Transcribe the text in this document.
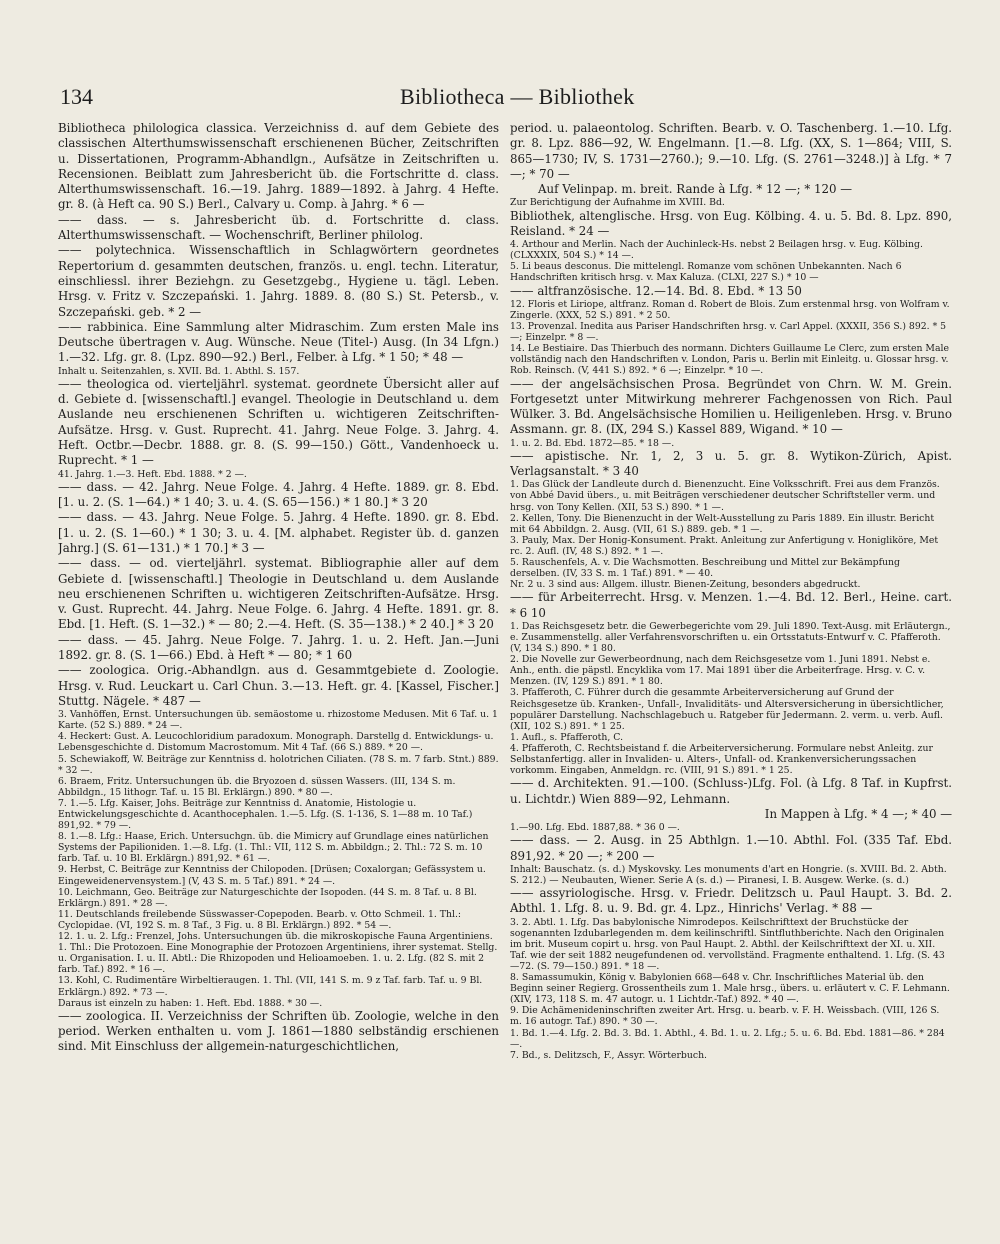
134	Bibliotheca — Bibliothek

Bibliotheca philologica classica. Verzeichniss d. auf dem Gebiete des classischen Alterthumswissenschaft erschienenen Bücher, Zeitschriften u. Dissertationen, Programm-Abhandlgn., Aufsätze in Zeitschriften u. Recensionen. Beiblatt zum Jahresbericht üb. die Fortschritte d. class. Alterthumswissenschaft. 16.—19. Jahrg. 1889—1892. à Jahrg. 4 Hefte. gr. 8. (à Heft ca. 90 S.) Berl., Calvary u. Comp. à Jahrg. * 6 —

—— dass. — s. Jahresbericht üb. d. Fortschritte d. class. Alterthumswissenschaft. — Wochenschrift, Berliner philolog.

—— polytechnica. Wissenschaftlich in Schlagwörtern geordnetes Repertorium d. gesammten deutschen, französ. u. engl. techn. Literatur, einschliessl. ihrer Beziehgn. zu Gesetzgebg., Hygiene u. tägl. Leben. Hrsg. v. Fritz v. Szczepański. 1. Jahrg. 1889. 8. (80 S.) St. Petersb., v. Szczepański. geb. * 2 —

—— rabbinica. Eine Sammlung alter Midraschim. Zum ersten Male ins Deutsche übertragen v. Aug. Wünsche. Neue (Titel-) Ausg. (In 34 Lfgn.) 1.—32. Lfg. gr. 8. (Lpz. 890—92.) Berl., Felber. à Lfg. * 1 50; * 48 —

Inhalt u. Seitenzahlen, s. XVII. Bd. 1. Abthl. S. 157.

—— theologica od. vierteljährl. systemat. geordnete Übersicht aller auf d. Gebiete d. [wissenschaftl.] evangel. Theologie in Deutschland u. dem Auslande neu erschienenen Schriften u. wichtigeren Zeitschriften-Aufsätze. Hrsg. v. Gust. Ruprecht. 41. Jahrg. Neue Folge. 3. Jahrg. 4. Heft. Octbr.—Decbr. 1888. gr. 8. (S. 99—150.) Gött., Vandenhoeck u. Ruprecht. * 1 —

41. Jahrg. 1.—3. Heft. Ebd. 1888. * 2 —.

—— dass. — 42. Jahrg. Neue Folge. 4. Jahrg. 4 Hefte. 1889. gr. 8. Ebd. [1. u. 2. (S. 1—64.) * 1 40; 3. u. 4. (S. 65—156.) * 1 80.] * 3 20

—— dass. — 43. Jahrg. Neue Folge. 5. Jahrg. 4 Hefte. 1890. gr. 8. Ebd. [1. u. 2. (S. 1—60.) * 1 30; 3. u. 4. [M. alphabet. Register üb. d. ganzen Jahrg.] (S. 61—131.) * 1 70.] * 3 —

—— dass. — od. vierteljährl. systemat. Bibliographie aller auf dem Gebiete d. [wissenschaftl.] Theologie in Deutschland u. dem Auslande neu erschienenen Schriften u. wichtigeren Zeitschriften-Aufsätze. Hrsg. v. Gust. Ruprecht. 44. Jahrg. Neue Folge. 6. Jahrg. 4 Hefte. 1891. gr. 8. Ebd. [1. Heft. (S. 1—32.) * — 80; 2.—4. Heft. (S. 35—138.) * 2 40.] * 3 20

—— dass. — 45. Jahrg. Neue Folge. 7. Jahrg. 1. u. 2. Heft. Jan.—Juni 1892. gr. 8. (S. 1—66.) Ebd. à Heft * — 80; * 1 60

—— zoologica. Orig.-Abhandlgn. aus d. Gesammtgebiete d. Zoologie. Hrsg. v. Rud. Leuckart u. Carl Chun. 3.—13. Heft. gr. 4. [Kassel, Fischer.] Stuttg. Nägele. * 487 —

3. Vanhöffen, Ernst. Untersuchungen üb. semäostome u. rhizostome Medusen. Mit 6 Taf. u. 1 Karte. (52 S.) 889. * 24 —.

4. Heckert: Gust. A. Leucochloridium paradoxum. Monograph. Darstellg d. Entwicklungs- u. Lebensgeschichte d. Distomum Macrostomum. Mit 4 Taf. (66 S.) 889. * 20 —.

5. Schewiakoff, W. Beiträge zur Kenntniss d. holotrichen Ciliaten. (78 S. m. 7 farb. Stnt.) 889. * 32 —.

6. Braem, Fritz. Untersuchungen üb. die Bryozoen d. süssen Wassers. (III, 134 S. m. Abbildgn., 15 lithogr. Taf. u. 15 Bl. Erklärgn.) 890. * 80 —.

7. 1.—5. Lfg. Kaiser, Johs. Beiträge zur Kenntniss d. Anatomie, Histologie u. Entwickelungsgeschichte d. Acanthocephalen. 1.—5. Lfg. (S. 1-136, S. 1—88 m. 10 Taf.) 891,92. * 79 —.

8. 1.—8. Lfg.: Haase, Erich. Untersuchgn. üb. die Mimicry auf Grundlage eines natürlichen Systems der Papilioniden. 1.—8. Lfg. (1. Thl.: VII, 112 S. m. Abbildgn.; 2. Thl.: 72 S. m. 10 farb. Taf. u. 10 Bl. Erklärgn.) 891,92. * 61 —.

9. Herbst, C. Beiträge zur Kenntniss der Chilopoden. [Drüsen; Coxalorgan; Gefässystem u. Eingeweidenervensystem.] (V, 43 S. m. 5 Taf.) 891. * 24 —.

10. Leichmann, Geo. Beiträge zur Naturgeschichte der Isopoden. (44 S. m. 8 Taf. u. 8 Bl. Erklärgn.) 891. * 28 —.

11. Deutschlands freilebende Süsswasser-Copepoden. Bearb. v. Otto Schmeil. 1. Thl.: Cyclopidae. (VI, 192 S. m. 8 Taf., 3 Fig. u. 8 Bl. Erklärgn.) 892. * 54 —.

12. 1. u. 2. Lfg.: Frenzel, Johs. Untersuchungen üb. die mikroskopische Fauna Argentiniens. 1. Thl.: Die Protozoen. Eine Monographie der Protozoen Argentiniens, ihrer systemat. Stellg. u. Organisation. I. u. II. Abtl.: Die Rhizopoden und Helioamoeben. 1. u. 2. Lfg. (82 S. mit 2 farb. Taf.) 892. * 16 —.

13. Kohl, C. Rudimentäre Wirbeltieraugen. 1. Thl. (VII, 141 S. m. 9 z Taf. farb. Taf. u. 9 Bl. Erklärgn.) 892. * 73 —.

Daraus ist einzeln zu haben: 1. Heft. Ebd. 1888. * 30 —.

—— zoologica. II. Verzeichniss der Schriften üb. Zoologie, welche in den period. Werken enthalten u. vom J. 1861—1880 selbständig erschienen sind. Mit Einschluss der allgemein-naturgeschichtlichen,

period. u. palaeontolog. Schriften. Bearb. v. O. Taschenberg. 1.—10. Lfg. gr. 8. Lpz. 886—92, W. Engelmann. [1.—8. Lfg. (XX, S. 1—864; VIII, S. 865—1730; IV, S. 1731—2760.); 9.—10. Lfg. (S. 2761—3248.)] à Lfg. * 7 —; * 70 —

Auf Velinpap. m. breit. Rande à Lfg. * 12 —; * 120 —

Zur Berichtigung der Aufnahme im XVIII. Bd.

Bibliothek, altenglische. Hrsg. von Eug. Kölbing. 4. u. 5. Bd. 8. Lpz. 890, Reisland. * 24 —

4. Arthour and Merlin. Nach der Auchinleck-Hs. nebst 2 Beilagen hrsg. v. Eug. Kölbing. (CLXXXIX, 504 S.) * 14 —.

5. Li beaus desconus. Die mittelengl. Romanze vom schönen Unbekannten. Nach 6 Handschriften kritisch hrsg. v. Max Kaluza. (CLXI, 227 S.) * 10 —

—— altfranzösische. 12.—14. Bd. 8. Ebd. * 13 50

12. Floris et Liriope, altfranz. Roman d. Robert de Blois. Zum erstenmal hrsg. von Wolfram v. Zingerle. (XXX, 52 S.) 891. * 2 50.

13. Provenzal. Inedita aus Pariser Handschriften hrsg. v. Carl Appel. (XXXII, 356 S.) 892. * 5 —; Einzelpr. * 8 —.

14. Le Bestiaire. Das Thierbuch des normann. Dichters Guillaume Le Clerc, zum ersten Male vollständig nach den Handschriften v. London, Paris u. Berlin mit Einleitg. u. Glossar hrsg. v. Rob. Reinsch. (V, 441 S.) 892. * 6 —; Einzelpr. * 10 —.

—— der angelsächsischen Prosa. Begründet von Chrn. W. M. Grein. Fortgesetzt unter Mitwirkung mehrerer Fachgenossen von Rich. Paul Wülker. 3. Bd. Angelsächsische Homilien u. Heiligenleben. Hrsg. v. Bruno Assmann. gr. 8. (IX, 294 S.) Kassel 889, Wigand. * 10 —

1. u. 2. Bd. Ebd. 1872—85. * 18 —.

—— apistische. Nr. 1, 2, 3 u. 5. gr. 8. Wytikon-Zürich, Apist. Verlagsanstalt. * 3 40

1. Das Glück der Landleute durch d. Bienenzucht. Eine Volksschrift. Frei aus dem Französ. von Abbé David übers., u. mit Beiträgen verschiedener deutscher Schriftsteller verm. und hrsg. von Tony Kellen. (XII, 53 S.) 890. * 1 —.

2. Kellen, Tony. Die Bienenzucht in der Welt-Ausstellung zu Paris 1889. Ein illustr. Bericht mit 64 Abbildgn. 2. Ausg. (VII, 61 S.) 889. geb. * 1 —.

3. Pauly, Max. Der Honig-Konsument. Prakt. Anleitung zur Anfertigung v. Honigliköre, Met rc. 2. Aufl. (IV, 48 S.) 892. * 1 —.

5. Rauschenfels, A. v. Die Wachsmotten. Beschreibung und Mittel zur Bekämpfung derselben. (IV, 33 S. m. 1 Taf.) 891. * — 40.

Nr. 2 u. 3 sind aus: Allgem. illustr. Bienen-Zeitung, besonders abgedruckt.

—— für Arbeiterrecht. Hrsg. v. Menzen. 1.—4. Bd. 12. Berl., Heine. cart. * 6 10

1. Das Reichsgesetz betr. die Gewerbegerichte vom 29. Juli 1890. Text-Ausg. mit Erläutergn., e. Zusammenstellg. aller Verfahrensvorschriften u. ein Ortsstatuts-Entwurf v. C. Pfafferoth. (V, 134 S.) 890. * 1 80.

2. Die Novelle zur Gewerbeordnung, nach dem Reichsgesetze vom 1. Juni 1891. Nebst e. Anh., enth. die päpstl. Encyklika vom 17. Mai 1891 über die Arbeiterfrage. Hrsg. v. C. v. Menzen. (IV, 129 S.) 891. * 1 80.

3. Pfafferoth, C. Führer durch die gesammte Arbeiterversicherung auf Grund der Reichsgesetze üb. Kranken-, Unfall-, Invaliditäts- und Altersversicherung in übersichtlicher, populärer Darstellung. Nachschlagebuch u. Ratgeber für Jedermann. 2. verm. u. verb. Aufl. (XII, 102 S.) 891. * 1 25.

1. Aufl., s. Pfafferoth, C.

4. Pfafferoth, C. Rechtsbeistand f. die Arbeiterversicherung. Formulare nebst Anleitg. zur Selbstanfertigg. aller in Invaliden- u. Alters-, Unfall- od. Krankenversicherungssachen vorkomm. Eingaben, Anmeldgn. rc. (VIII, 91 S.) 891. * 1 25.

—— d. Architekten. 91.—100. (Schluss-)Lfg. Fol. (à Lfg. 8 Taf. in Kupfrst. u. Lichtdr.) Wien 889—92, Lehmann.

In Mappen à Lfg. * 4 —; * 40 —

1.—90. Lfg. Ebd. 1887,88. * 36 0 —.

—— dass. — 2. Ausg. in 25 Abthlgn. 1.—10. Abthl. Fol. (335 Taf. Ebd. 891,92. * 20 —; * 200 —

Inhalt: Bauschatz. (s. d.) Myskovsky. Les monuments d'art en Hongrie. (s. XVIII. Bd. 2. Abth. S. 212.) — Neubauten, Wiener. Serie A (s. d.) — Piranesi, I. B. Ausgew. Werke. (s. d.)

—— assyriologische. Hrsg. v. Friedr. Delitzsch u. Paul Haupt. 3. Bd. 2. Abthl. 1. Lfg. 8. u. 9. Bd. gr. 4. Lpz., Hinrichs' Verlag. * 88 —

3. 2. Abtl. 1. Lfg. Das babylonische Nimrodepos. Keilschrifttext der Bruchstücke der sogenannten Izdubarlegenden m. dem keilinschriftl. Sintfluthberichte. Nach den Originalen im brit. Museum copirt u. hrsg. von Paul Haupt. 2. Abthl. der Keilschrifttext der XI. u. XII. Taf. wie der seit 1882 neugefundenen od. vervollständ. Fragmente enthaltend. 1. Lfg. (S. 43—72. (S. 79—150.) 891. * 18 —.

8. Samassumukin, König v. Babylonien 668—648 v. Chr. Inschriftliches Material üb. den Beginn seiner Regierg. Grossentheils zum 1. Male hrsg., übers. u. erläutert v. C. F. Lehmann. (XIV, 173, 118 S. m. 47 autogr. u. 1 Lichtdr.-Taf.) 892. * 40 —.

9. Die Achämenideninschriften zweiter Art. Hrsg. u. bearb. v. F. H. Weissbach. (VIII, 126 S. m. 16 autogr. Taf.) 890. * 30 —.

1. Bd. 1.—4. Lfg. 2. Bd. 3. Bd. 1. Abthl., 4. Bd. 1. u. 2. Lfg.; 5. u. 6. Bd. Ebd. 1881—86. * 284 —.

7. Bd., s. Delitzsch, F., Assyr. Wörterbuch.
